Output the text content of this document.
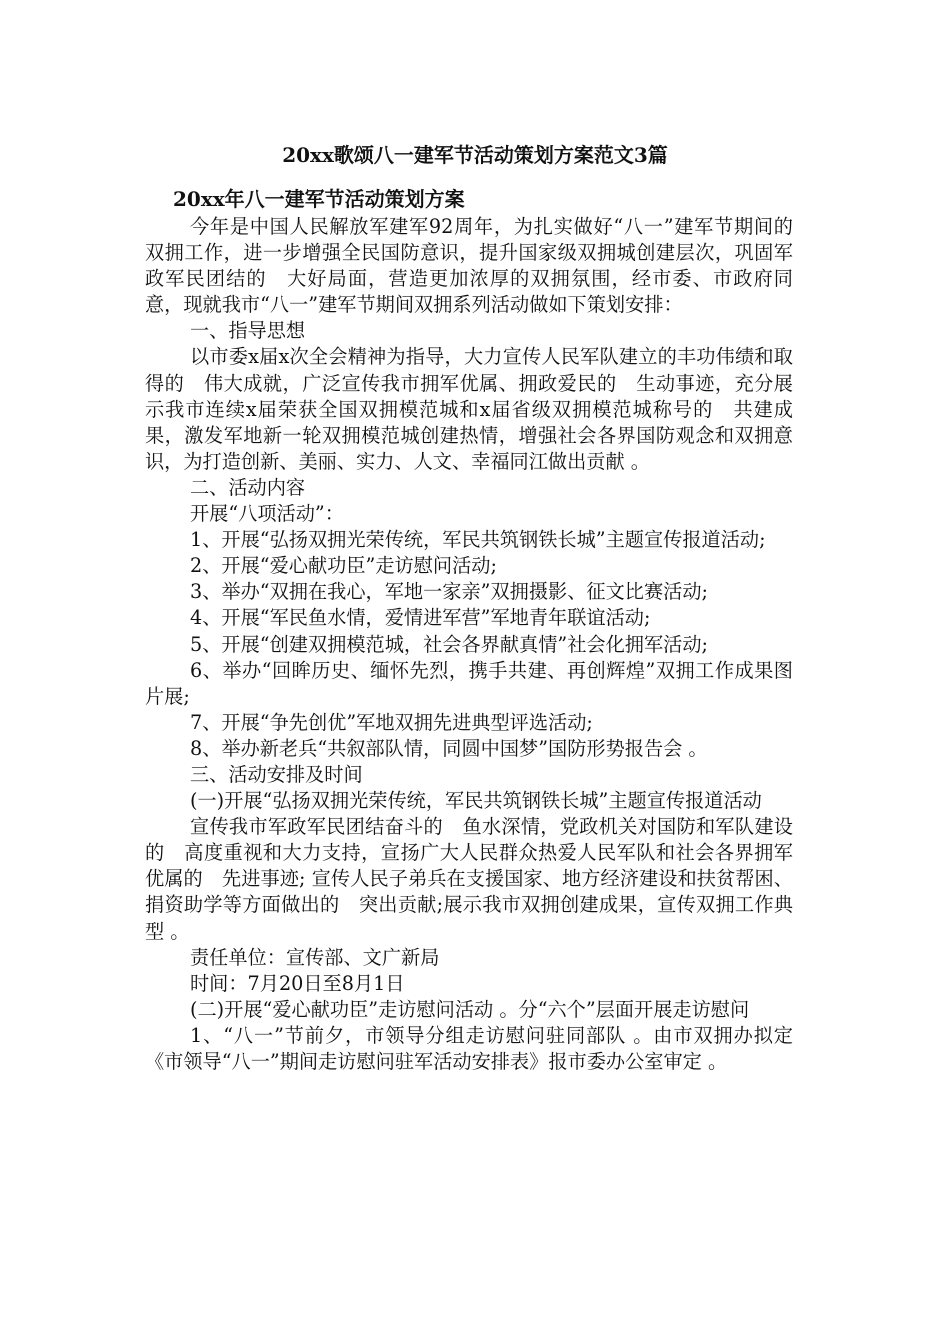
20xx歌颂八一建军节活动策划方案范文3篇
20xx年八一建军节活动策划方案

今年是中国人民解放军建军92周年，为扎实做好“八一”建军节期间的　双拥工作，进一步增强全民国防意识，提升国家级双拥城创建层次，巩固军政军民团结的　大好局面，营造更加浓厚的双拥氛围，经市委、市政府同意，现就我市“八一”建军节期间双拥系列活动做如下策划安排：

一、指导思想

以市委x届x次全会精神为指导，大力宣传人民军队建立的丰功伟绩和取得的　伟大成就，广泛宣传我市拥军优属、拥政爱民的　生动事迹，充分展示我市连续x届荣获全国双拥模范城和x届省级双拥模范城称号的　共建成果，激发军地新一轮双拥模范城创建热情，增强社会各界国防观念和双拥意识，为打造创新、美丽、实力、人文、幸福同江做出贡献 。

二、活动内容

开展“八项活动”：

1、开展“弘扬双拥光荣传统，军民共筑钢铁长城”主题宣传报道活动;

2、开展“爱心献功臣”走访慰问活动;

3、举办“双拥在我心，军地一家亲”双拥摄影、征文比赛活动;

4、开展“军民鱼水情，爱情进军营”军地青年联谊活动;

5、开展“创建双拥模范城，社会各界献真情”社会化拥军活动;

6、举办“回眸历史、缅怀先烈，携手共建、再创辉煌”双拥工作成果图片展;

7、开展“争先创优”军地双拥先进典型评选活动;

8、举办新老兵“共叙部队情，同圆中国梦”国防形势报告会 。

三、活动安排及时间

(一)开展“弘扬双拥光荣传统，军民共筑钢铁长城”主题宣传报道活动

宣传我市军政军民团结奋斗的　鱼水深情，党政机关对国防和军队建设的　高度重视和大力支持，宣扬广大人民群众热爱人民军队和社会各界拥军优属的　先进事迹; 宣传人民子弟兵在支援国家、地方经济建设和扶贫帮困、捐资助学等方面做出的　突出贡献;展示我市双拥创建成果，宣传双拥工作典型 。

责任单位：宣传部、文广新局

时间：7月20日至8月1日

(二)开展“爱心献功臣”走访慰问活动 。分“六个”层面开展走访慰问

1、“八一”节前夕，市领导分组走访慰问驻同部队 。由市双拥办拟定《市领导“八一”期间走访慰问驻军活动安排表》报市委办公室审定 。
